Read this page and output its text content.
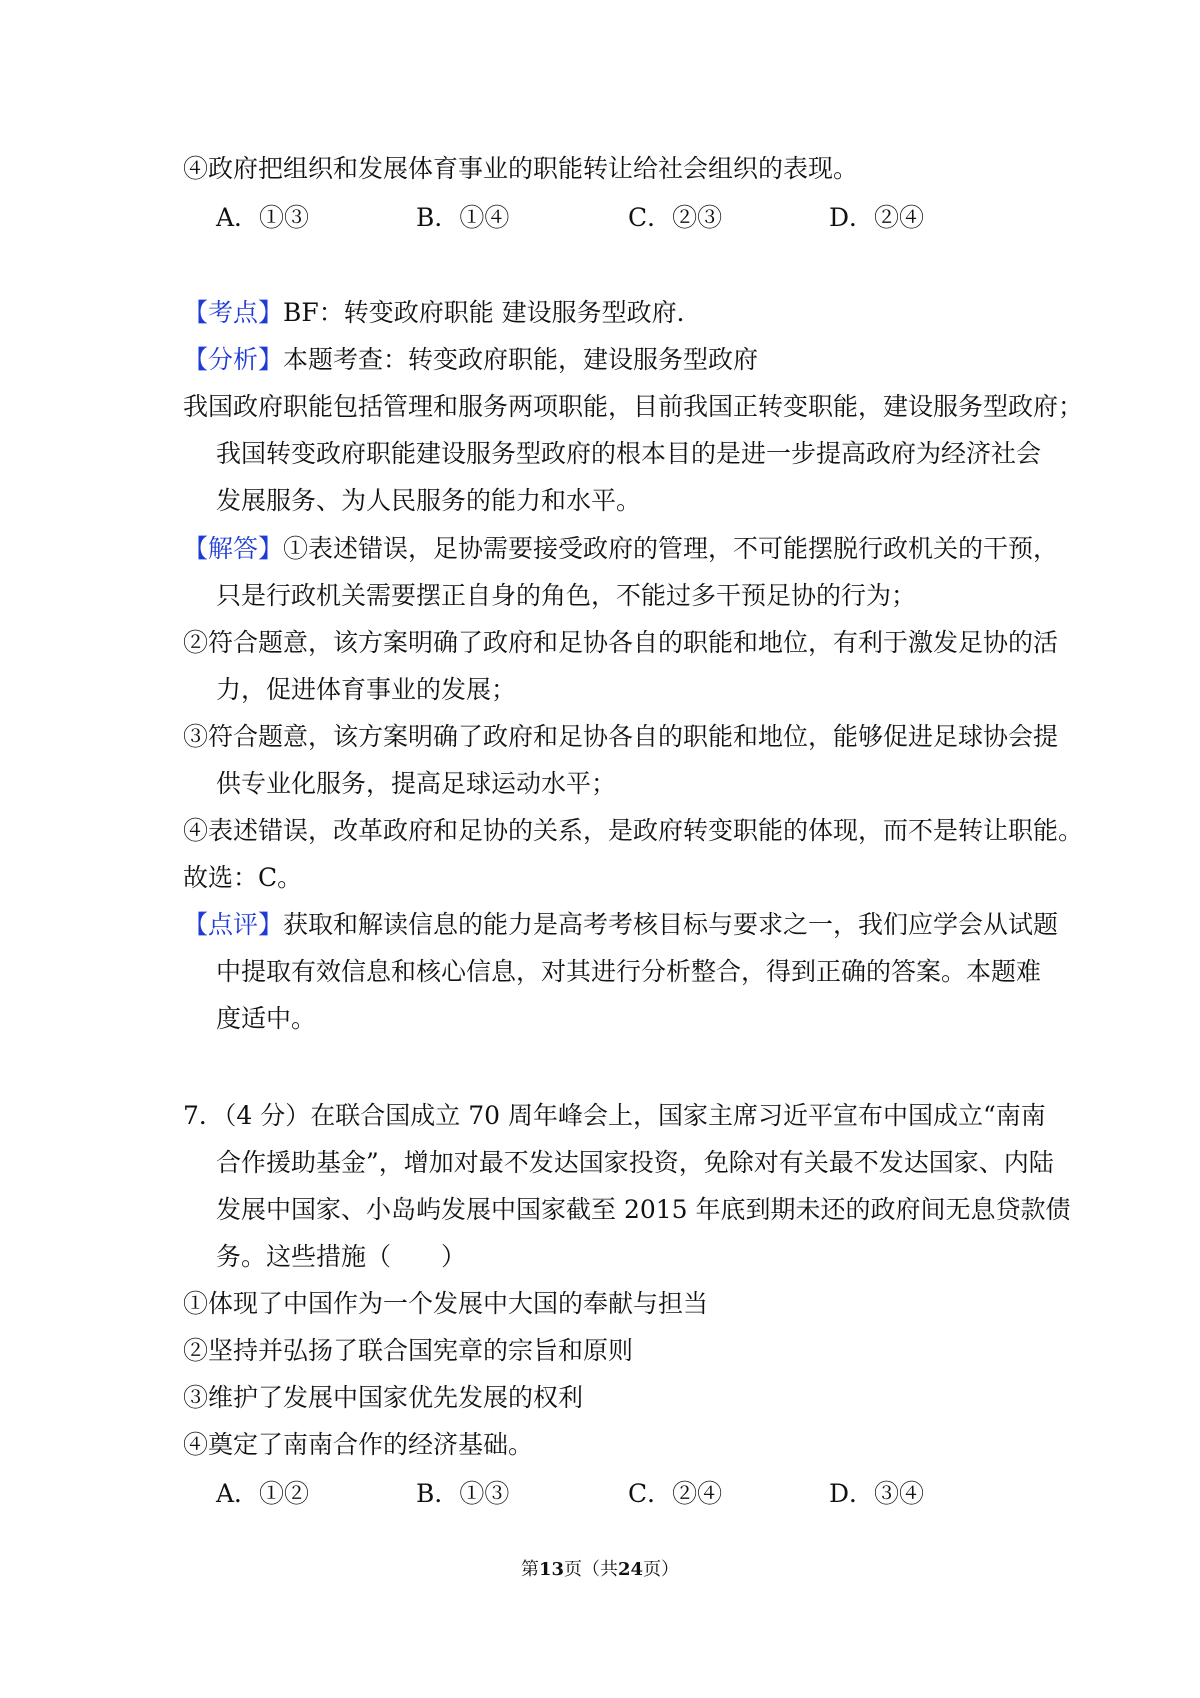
④政府把组织和发展体育事业的职能转让给社会组织的表现。
A．①③	B．①④	C．②③	D．②④
【考点】BF：转变政府职能 建设服务型政府．
【分析】本题考查：转变政府职能，建设服务型政府
我国政府职能包括管理和服务两项职能，目前我国正转变职能，建设服务型政府；
我国转变政府职能建设服务型政府的根本目的是进一步提高政府为经济社会
发展服务、为人民服务的能力和水平。
【解答】①表述错误，足协需要接受政府的管理，不可能摆脱行政机关的干预，
只是行政机关需要摆正自身的角色，不能过多干预足协的行为；
②符合题意，该方案明确了政府和足协各自的职能和地位，有利于激发足协的活
力，促进体育事业的发展；
③符合题意，该方案明确了政府和足协各自的职能和地位，能够促进足球协会提
供专业化服务，提高足球运动水平；
④表述错误，改革政府和足协的关系，是政府转变职能的体现，而不是转让职能。
故选：C。
【点评】获取和解读信息的能力是高考考核目标与要求之一，我们应学会从试题
中提取有效信息和核心信息，对其进行分析整合，得到正确的答案。本题难
度适中。
7．（4 分）在联合国成立 70 周年峰会上，国家主席习近平宣布中国成立“南南
合作援助基金”，增加对最不发达国家投资，免除对有关最不发达国家、内陆
发展中国家、小岛屿发展中国家截至 2015 年底到期未还的政府间无息贷款债
务。这些措施（　　）
①体现了中国作为一个发展中大国的奉献与担当
②坚持并弘扬了联合国宪章的宗旨和原则
③维护了发展中国家优先发展的权利
④奠定了南南合作的经济基础。
A．①②	B．①③	C．②④	D．③④
第13页（共24页）
